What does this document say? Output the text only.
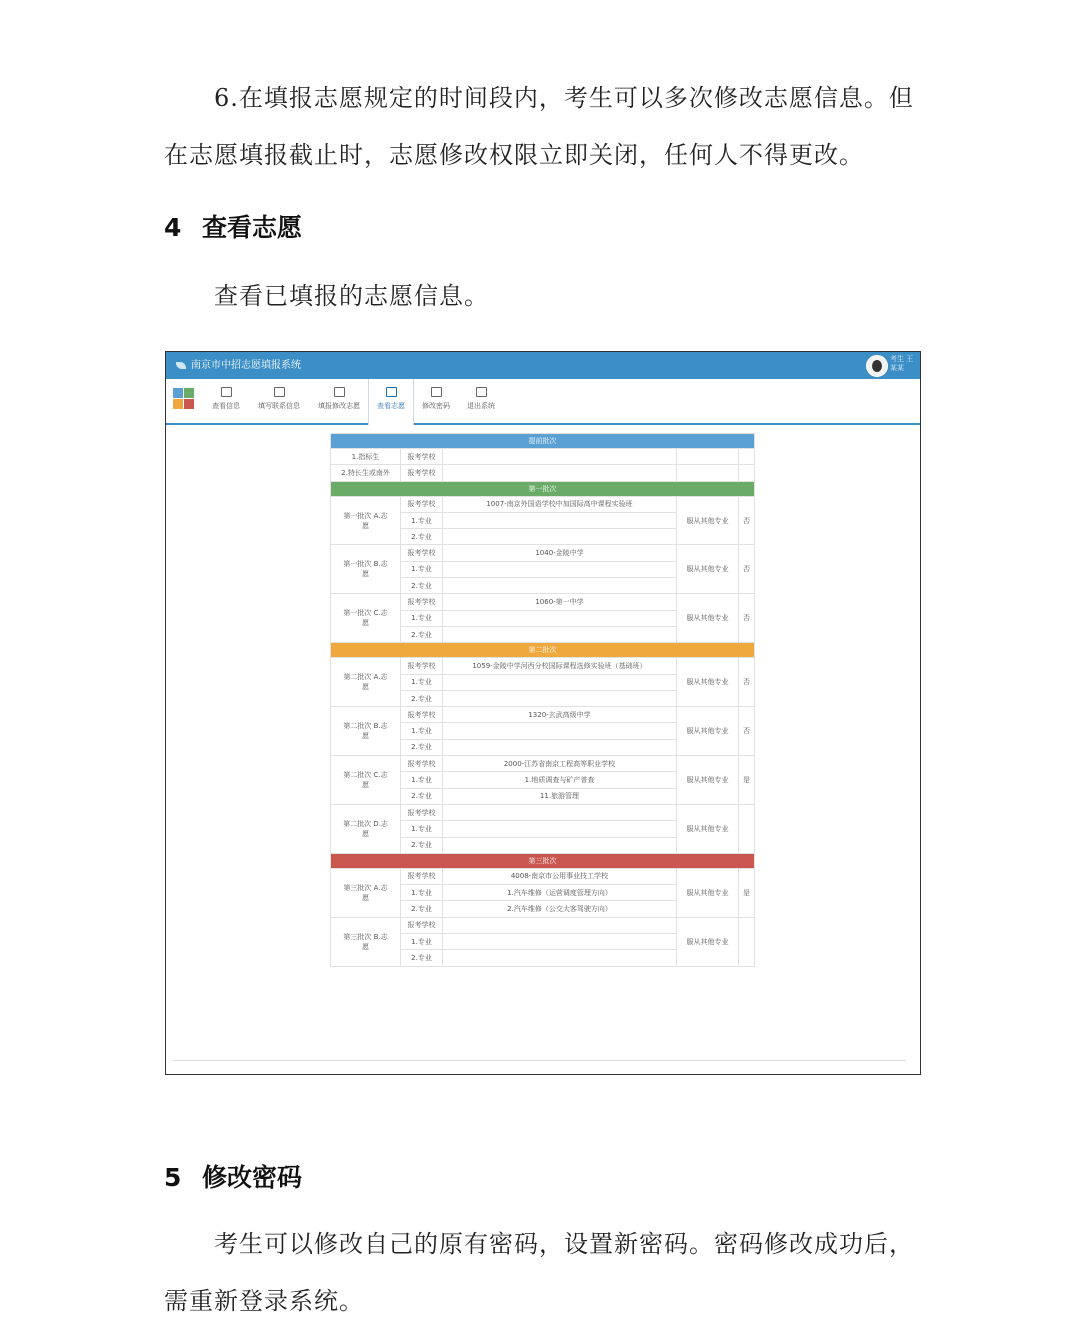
6.在填报志愿规定的时间段内，考生可以多次修改志愿信息。但在志愿填报截止时，志愿修改权限立即关闭，任何人不得更改。
4 查看志愿
查看已填报的志愿信息。
南京市中招志愿填报系统
考生 王某某
查看信息	填写联系信息	填报修改志愿	查看志愿	修改密码	退出系统
提前批次				
1.指标生	报考学校			
2.特长生或南外	报考学校			
第一批次				
第一批次 A.志愿	报考学校	1007-南京外国语学校中加国际高中课程实验班	服从其他专业	否
	1.专业			
	2.专业			
第一批次 B.志愿	报考学校	1040-金陵中学	服从其他专业	否
	1.专业			
	2.专业			
第一批次 C.志愿	报考学校	1060-第一中学	服从其他专业	否
	1.专业			
	2.专业			
第二批次				
第二批次 A.志愿	报考学校	1059-金陵中学河西分校国际课程选修实验班（基础班）	服从其他专业	否
	1.专业			
	2.专业			
第二批次 B.志愿	报考学校	1320-玄武高级中学	服从其他专业	否
	1.专业			
	2.专业			
第二批次 C.志愿	报考学校	2000-江苏省南京工程高等职业学校	服从其他专业	是
	1.专业	1.地质调查与矿产普查		
	2.专业	11.旅游管理		
第二批次 D.志愿	报考学校		服从其他专业	
	1.专业			
	2.专业			
第三批次				
第三批次 A.志愿	报考学校	4008-南京市公用事业技工学校	服从其他专业	是
	1.专业	1.汽车维修（运营调度管理方向）		
	2.专业	2.汽车维修（公交大客驾驶方向）		
第三批次 B.志愿	报考学校		服从其他专业	
	1.专业			
	2.专业			
5 修改密码
考生可以修改自己的原有密码，设置新密码。密码修改成功后，需重新登录系统。
